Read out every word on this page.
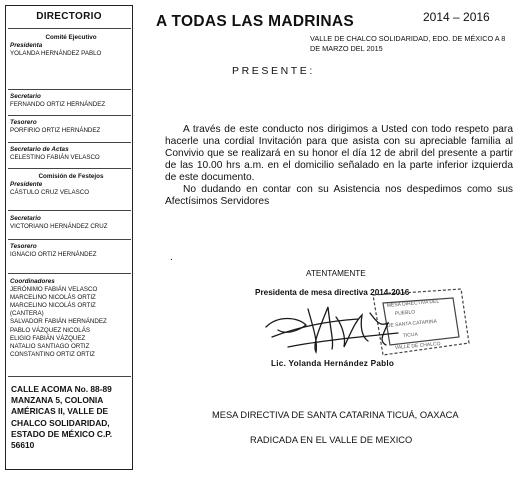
DIRECTORIO
Comité Ejecutivo
Presidenta
YOLANDA HERNÁNDEZ PABLO
Secretario
FERNANDO ORTIZ HERNÁNDEZ
Tesorero
PORFIRIO ORTIZ HERNÁNDEZ
Secretario de Actas
CELESTINO FABIÁN VELASCO
Comisión de Festejos
Presidente
CÁSTULO CRUZ VELASCO
Secretario
VICTORIANO HERNÁNDEZ CRUZ
Tesorero
IGNACIO ORTIZ HERNÁNDEZ
Coordinadores
JERÓNIMO FABIÁN VELASCO
MARCELINO NICOLÁS ORTIZ
MARCELINO NICOLÁS ORTIZ
(CANTERA)
SALVADOR FABIÁN HERNÁNDEZ
PABLO VÁZQUEZ NICOLÁS
ELIGIO FABIÁN VÁZQUEZ
NATALIO SANTIAGO ORTIZ
CONSTANTINO ORTIZ ORTIZ
CALLE ACOMA No. 88-89 MANZANA 5, COLONIA AMÉRICAS II, VALLE DE CHALCO SOLIDARIDAD, ESTADO DE MÉXICO C.P. 56610
A TODAS LAS MADRINAS	2014 – 2016
VALLE DE CHALCO SOLIDARIDAD, EDO. DE MÉXICO A 8 DE MARZO DEL 2015
PRESENTE:

A través de este conducto nos dirigimos a Usted con todo respeto para hacerle una cordial Invitación para que asista con su apreciable familia al Convivio que se realizará en su honor el día 12 de abril del presente a partir de las 10.00 hrs a.m. en el domicilio señalado en la parte inferior izquierda de este documento.

No dudando en contar con su Asistencia nos despedimos como sus Afectísimos Servidores

.
ATENTAMENTE
Presidenta de mesa directiva 2014-2016
MESA DIRECTIVA DEL
PUEBLO
DE SANTA CATARINA
TICUA
VALLE DE CHALCO
Lic. Yolanda Hernández Pablo
MESA DIRECTIVA DE SANTA CATARINA TICUÁ, OAXACA
RADICADA EN EL VALLE DE MEXICO
